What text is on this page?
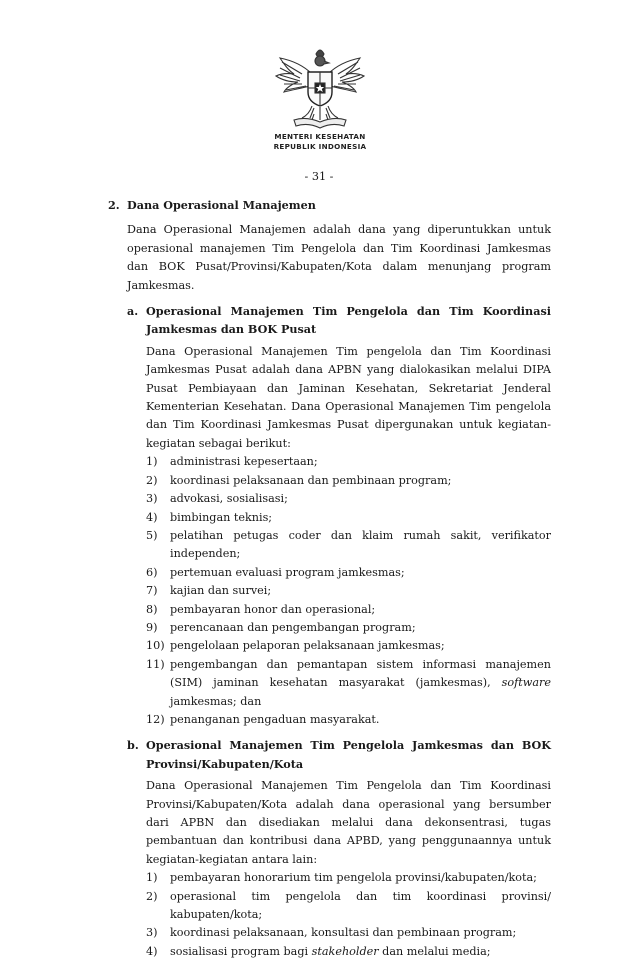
MENTERI KESEHATAN
REPUBLIK INDONESIA
- 31 -
2. Dana Operasional Manajemen

Dana Operasional Manajemen adalah dana yang diperuntukkan untuk operasional manajemen Tim Pengelola dan Tim Koordinasi Jamkesmas dan BOK Pusat/Provinsi/Kabupaten/Kota dalam menunjang program Jamkesmas.

a. Operasional Manajemen Tim Pengelola dan Tim Koordinasi
Jamkesmas dan BOK Pusat

Dana Operasional Manajemen Tim pengelola dan Tim Koordinasi Jamkesmas Pusat adalah dana APBN yang dialokasikan melalui DIPA Pusat Pembiayaan dan Jaminan Kesehatan, Sekretariat Jenderal Kementerian Kesehatan. Dana Operasional Manajemen Tim pengelola dan Tim Koordinasi Jamkesmas Pusat dipergunakan untuk kegiatan-kegiatan sebagai berikut:

1) administrasi kepesertaan;
2) koordinasi pelaksanaan dan pembinaan program;
3) advokasi, sosialisasi;
4) bimbingan teknis;
5) pelatihan petugas coder dan klaim rumah sakit, verifikator
independen;
6) pertemuan evaluasi program jamkesmas;
7) kajian dan survei;
8) pembayaran honor dan operasional;
9) perencanaan dan pengembangan program;
10) pengelolaan pelaporan pelaksanaan jamkesmas;
11) pengembangan dan pemantapan sistem informasi manajemen
(SIM) jaminan kesehatan masyarakat (jamkesmas), software
jamkesmas; dan
12) penanganan pengaduan masyarakat.
b. Operasional Manajemen Tim Pengelola Jamkesmas dan BOK
Provinsi/Kabupaten/Kota

Dana Operasional Manajemen Tim Pengelola dan Tim Koordinasi Provinsi/Kabupaten/Kota adalah dana operasional yang bersumber dari APBN dan disediakan melalui dana dekonsentrasi, tugas pembantuan dan kontribusi dana APBD, yang penggunaannya untuk kegiatan-kegiatan antara lain:

1) pembayaran honorarium tim pengelola provinsi/kabupaten/kota;
2) operasional tim pengelola dan tim koordinasi provinsi/
kabupaten/kota;
3) koordinasi pelaksanaan, konsultasi dan pembinaan program;
4) sosialisasi program bagi stakeholder dan melalui media;
